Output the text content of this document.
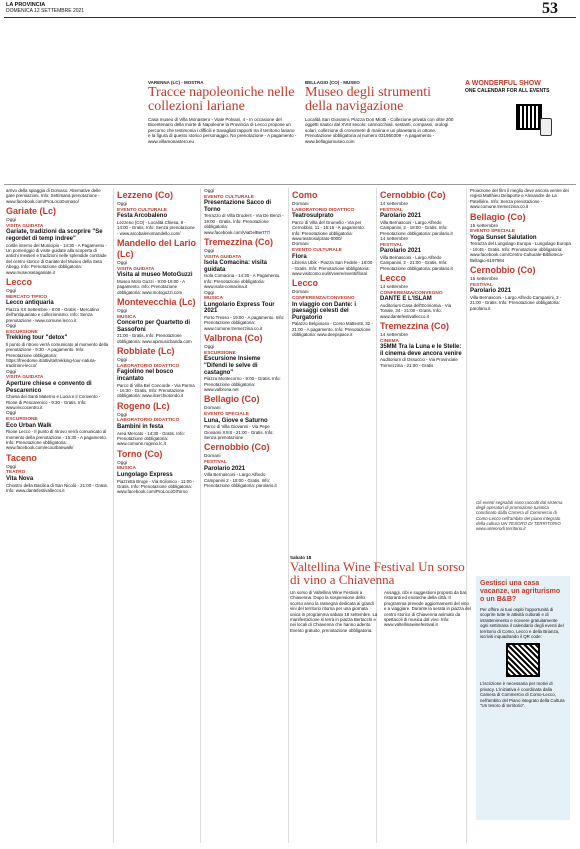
LA PROVINCIA
DOMENICA 12 SETTEMBRE 2021	53
VARENNA (LC) - MOSTRA
Tracce napoleoniche nelle collezioni lariane

Casa museo di Villa Monastero - Viale Polvani, 4 - In occasione del Bicentenario della morte di Napoleone la Provincia di Lecco propone un percorso che testimonia i difficili e travagliati rapporti tra il territorio lariano e la figura di questo storico personaggio. No prenotazione - A pagamento - www.villamonastero.eu

BELLAGIO (CO) - MUSEO
Museo degli strumenti della navigazione

Località San Giovanni, Piazza Don Miotti - Collezione privata con oltre 200 oggetti nautici dal XVIII secolo: cannocchiali, sestanti, compassi, orologi solari, collezione di cronometri di marina e un planetario in ottone. Prenotazione obbligatoria al numero 031950309 - A pagamento - www.bellagiomuseo.com

A WONDERFUL SHOW
ONE CALENDAR FOR ALL EVENTS
arrivo della spiaggia di Domaso. Alternative delle gare premiazioni. Info: Settimana prenotazione - www.facebook.com/ProLocoDomaso/
Gariate (Lc)
Oggi
VISITA GUIDATA
Gariate, tradizioni da scoprire "Se regordet di temp indree"
cortile interno del Municipio - 14:30 - A Pagamento - Un pomeriggio di visite guidate alla scoperta di antichi mestieri e tradizioni nelle splendide contrade del centro storico di Gariate del Museo della Seta Abegg. Info: Prenotazione obbligatoria: www.museosetagariate.it
Lecco
Oggi
MERCATO TIPICO
Lecco antiquaria
Piazza XX Settembre - 8:00 - Gratis - Mercatino dell'antiquariato e collezionismo. Info: Senza prenotazione - www.comune.lecco.it
Oggi
ESCURSIONE
Trekking tour "detox"
Il punto di ritrovo verrà comunicato al momento della prenotazione - 9:30 - A pagamento. Info: Prenotazione obbligatoria: https://freedome.it/attivita/trekking-tour-natura-tradizioni-lecco/
Oggi
VISITA GUIDATA
Aperture chiese e convento di Pescarenico
Chiesa dei Santi Materno e Lucia e il Convento - Rione di Pescarenico - 9:30 - Gratis. Info: www.leccocentro.it
Oggi
ESCURSIONE
Eco Urban Walk
Rione Lecco - Il punto di ritrovo verrà comunicato al momento della prenotazione - 15:30 - A pagamento. Info: Prenotazione obbligatoria: www.facebook.com/ecourbanwalk/
Taceno
Oggi
TEATRO
Vita Nova
Chiostro della Basilica di San Nicolò - 21:00 - Gratis. Info: www.dantefestivallecco.it
Lezzeno (Co)
Oggi
EVENTO CULTURALE
Festa Arcobaleno
Lezzeno (CO) - Località Chiesa, 9 - 14:00 - Gratis. Info: Senza prenotazione - www.arcobalenomandello.com/
Mandello del Lario (Lc)
Oggi
VISITA GUIDATA
Visita al museo MotoGuzzi
Museo Moto Guzzi - 9:00-16:00 - A pagamento. Info: Prenotazione obbligatoria: www.motoguzzi.com
Montevecchia (Lc)
Oggi
MUSICA
Concerto per Quartetto di Sassofoni
21:00 - Gratis. Info: Prenotazione obbligatoria: www.apimusicbanda.com
Robbiate (Lc)
Oggi
LABORATORIO DIDATTICO
Fagiolino nel bosco incantato
Parco di Villa Bel Concorde - Via Parma - 16:30 - Gratis. Info: Prenotazione obbligatoria: www.ilcerchiotondo.it
Rogeno (Lc)
Oggi
LABORATORIO DIDATTICO
Bambini in festa
Area Mercato - 14:30 - Gratis. Info: Prenotazione obbligatoria: www.comune.rogeno.lc.it
Torno (Co)
Oggi
MUSICA
Lungolago Express
Piazzetta Bruge - Via Scilonico - 11:00 - Gratis. Info: Prenotazione obbligatoria: www.facebook.com/ProLocoDiTorno
Oggi
EVENTO CULTURALE
Presentazione Sacco di Torno
Terrazzo di Villa Druders - Via De Benzi - 19:00 - Gratis. Info: Prenotazione obbligatoria: www.facebook.com/ViaDelBert77/
Tremezzina (Co)
Oggi
VISITA GUIDATA
Isola Comacina: visita guidata
Isola Comacina - 14:30 - A Pagamento. Info: Prenotazione obbligatoria: www.isola-comacina.it
Oggi
MUSICA
Lungolario Express Tour 2021
Porto Tresso - 19:00 - A pagamento. Info: Prenotazione obbligatoria: www.comune.tremezzina.co.it
Valbrona (Co)
Oggi
ESCURSIONE
Escursione Insieme "Difendi le selve di castagno"
Piazza Montecorno - 9:00 - Gratis. Info: Prenotazione obbligatoria: www.valbrona.net
Bellagio (Co)
Domani
EVENTO SPECIALE
Luna, Giove e Saturno
Parco di Villa Giovanni - Via Pepe Giovanni XXIII - 21:00 - Gratis. Info: Senza prenotazione
Cernobbio (Co)
Domani
FESTIVAL
Parolario 2021
Villa Bernasconi - Largo Alfredo Campanini 2 - 18:00 - Gratis. Info: Prenotazione obbligatoria: parolario.it
Como
Domani
LABORATORIO DIDATTICO
Teatrosulprato
Parco di Villa del Grumello - Via per Cernobbio, 11 - 15:15 - A pagamento. Info: Prenotazione obbligatoria: www.teatrosulprato-0000/
Domani
EVENTO CULTURALE
Flora
Libreria Ubik - Piazza San Fedele - 18:00 - Gratis. Info: Prenotazione obbligatoria: www.visitcomo.eu/it/vivere/eventi/flora/
Lecco
Domani
CONFERENZA/CONVEGNO
In viaggio con Dante: i paesaggi celesti del Purgatorio
Palazzo Belgioioso - Corso Matteotti, 32 - 21:00 - A pagamento. Info: Prenotazione obbligatoria: www.deepspace.it
Cernobbio (Co)
14 settembre
FESTIVAL
Parolario 2021
Villa Bernasconi - Largo Alfredo Campanini, 2 - 18:00 - Gratis. Info: Prenotazione obbligatoria: parolario.it
14 settembre
FESTIVAL
Parolario 2021
Villa Bernasconi - Largo Alfredo Campanini, 2 - 21:00 - Gratis. Info: Prenotazione obbligatoria: parolario.it
Lecco
14 settembre
CONFERENZA/CONVEGNO
DANTE E L'ISLAM
Auditorium Casa dell'Economia - Via Tonale, 34 - 21:00 - Gratis. Info: www.dantefestivallecco.it
Tremezzina (Co)
14 settembre
CINEMA
35MM Tra la Luna e le Stelle: il cinema deve ancora venire
Auditorium di Ossuccio - Via Provinciale Tremezzina - 21:00 - Gratis
Proiezione del film il meglio deve ancora venire dei registi Matthieu Delaporte e Alexandre de La Patellière. Info: Senza prenotazione - www.comune.tremezzina.co.it
Bellagio (Co)
15 settembre
EVENTO SPECIALE
Yoga Sunset Salutation
Terrazza del Lungolago Europa - Lungolago Europa - 19:45 - Gratis. Info: Prenotazione obbligatoria: www.facebook.com/Centro-Culturale-Biblioteca-Bellagio-6197984
Cernobbio (Co)
15 settembre
FESTIVAL
Parolario 2021
Villa Bernasconi - Largo Alfredo Campanini, 2 - 21:00 - Gratis. Info: Prenotazione obbligatoria: parolario.it
Gli eventi segnalati sono raccolti dal sistema degli operatori di promozione turistica coordinato dalla Camera di Commercio di Como-Lecco nell'ambito del piano integrato della cultura UN TESORO DI TERRITORIO www.unteorodi territorio.it
Sabato 18
Valtellina Wine Festival Un sorso di vino a Chiavenna

Un sorso di Valtellina Wine Festival a Chiavenna. Dopo la sospensione dello scorso anno la rassegna dedicata ai grandi vini del territorio ritorna per una giornata unica in programma sabato 18 settembre. La manifestazione si terrà in piazza Bertacchi e nei locali di Chiavenna che hanno aderito. Evento gratuito, prenotazione obbligatoria.

Assaggi, cibi e suggestioni proposti da bar, ristoranti ed enoteche della città. Il programma prevede aggiornamenti del vino e a viaggiare. Durante la serata in piazza del centro storico di Chiavenna animato da spettacoli di musica dal vivo. Info: www.valtellinawinefestival.it

Gestisci una casa vacanze, un agriturismo o un B&B?

Per offrire ai tuoi ospiti l'opportunità di scoprire tutte le attività culturali e di intrattenimento e ricevere gratuitamente ogni settimana il calendario degli eventi del territorio di Como, Lecco e della Brianza, iscriviti inquadrando il QR code:

L'iscrizione è necessaria per motivi di privacy. L'iniziativa è coordinata dalla Camera di Commercio di Como-Lecco, nell'ambito del Piano integrato della Cultura "Un tesoro di territorio".
